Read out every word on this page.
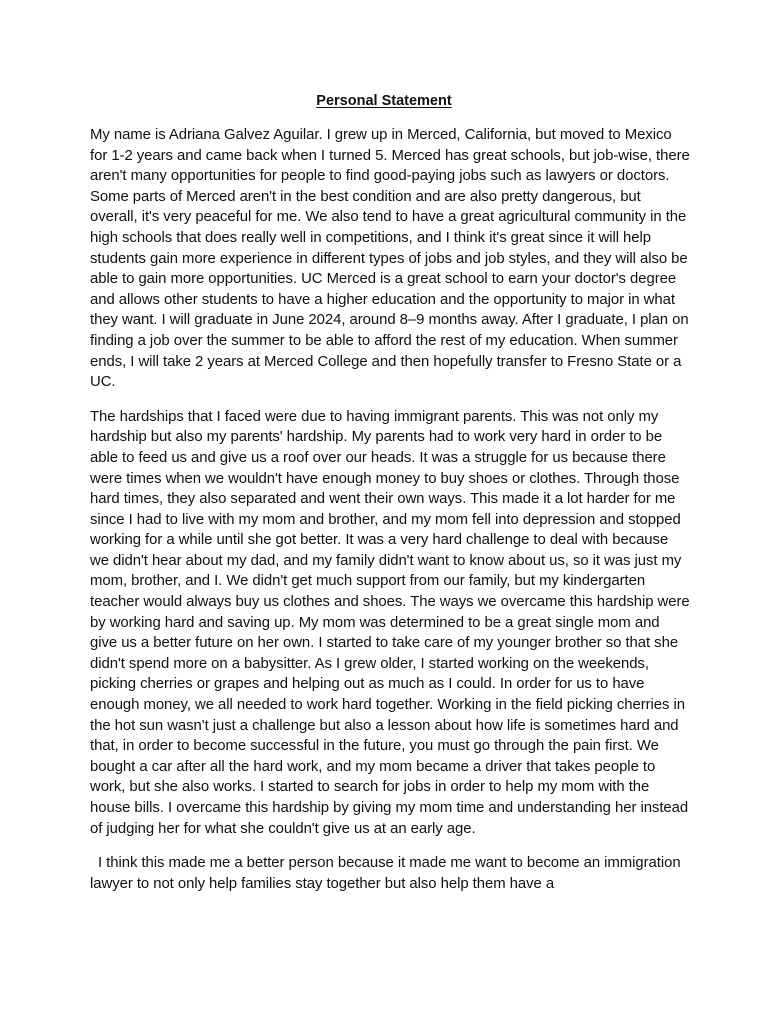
Personal Statement

My name is Adriana Galvez Aguilar. I grew up in Merced, California, but moved to Mexico for 1-2 years and came back when I turned 5. Merced has great schools, but job-wise, there aren't many opportunities for people to find good-paying jobs such as lawyers or doctors. Some parts of Merced aren't in the best condition and are also pretty dangerous, but overall, it's very peaceful for me. We also tend to have a great agricultural community in the high schools that does really well in competitions, and I think it's great since it will help students gain more experience in different types of jobs and job styles, and they will also be able to gain more opportunities. UC Merced is a great school to earn your doctor's degree and allows other students to have a higher education and the opportunity to major in what they want. I will graduate in June 2024, around 8–9 months away. After I graduate, I plan on finding a job over the summer to be able to afford the rest of my education. When summer ends, I will take 2 years at Merced College and then hopefully transfer to Fresno State or a UC.

The hardships that I faced were due to having immigrant parents. This was not only my hardship but also my parents' hardship. My parents had to work very hard in order to be able to feed us and give us a roof over our heads. It was a struggle for us because there were times when we wouldn't have enough money to buy shoes or clothes. Through those hard times, they also separated and went their own ways. This made it a lot harder for me since I had to live with my mom and brother, and my mom fell into depression and stopped working for a while until she got better. It was a very hard challenge to deal with because we didn't hear about my dad, and my family didn't want to know about us, so it was just my mom, brother, and I. We didn't get much support from our family, but my kindergarten teacher would always buy us clothes and shoes. The ways we overcame this hardship were by working hard and saving up. My mom was determined to be a great single mom and give us a better future on her own. I started to take care of my younger brother so that she didn't spend more on a babysitter. As I grew older, I started working on the weekends, picking cherries or grapes and helping out as much as I could. In order for us to have enough money, we all needed to work hard together. Working in the field picking cherries in the hot sun wasn't just a challenge but also a lesson about how life is sometimes hard and that, in order to become successful in the future, you must go through the pain first. We bought a car after all the hard work, and my mom became a driver that takes people to work, but she also works. I started to search for jobs in order to help my mom with the house bills. I overcame this hardship by giving my mom time and understanding her instead of judging her for what she couldn't give us at an early age.

I think this made me a better person because it made me want to become an immigration lawyer to not only help families stay together but also help them have a
